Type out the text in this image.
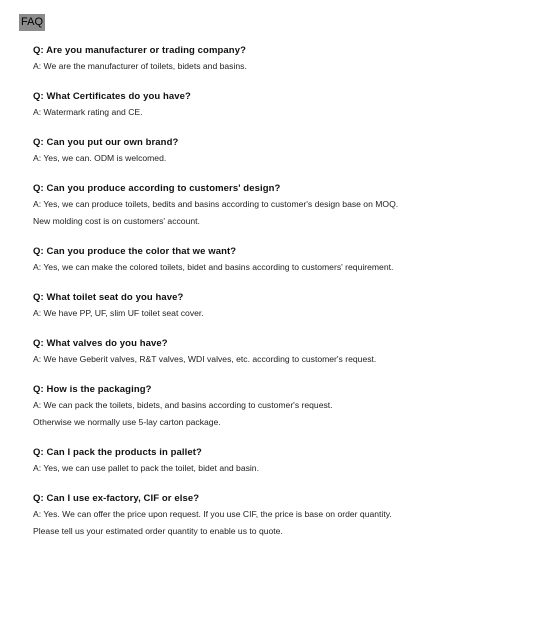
FAQ
Q: Are you manufacturer or trading company?
A: We are the manufacturer of toilets, bidets and basins.
Q: What Certificates do you have?
A: Watermark rating and CE.
Q: Can you put our own brand?
A: Yes, we can. ODM is welcomed.
Q: Can you produce according to customers' design?
A: Yes, we can produce toilets, bedits and basins according to customer's design base on MOQ.
New molding cost is on customers' account.
Q: Can you produce the color that we want?
A: Yes, we can make the colored toilets, bidet and basins according to customers' requirement.
Q: What toilet seat do you have?
A: We have PP, UF, slim UF toilet seat cover.
Q: What valves do you have?
A: We have Geberit valves, R&T valves, WDI valves, etc. according to customer's request.
Q: How is the packaging?
A: We can pack the toilets, bidets, and basins according to customer's request.
Otherwise we normally use 5-lay carton package.
Q: Can I pack the products in pallet?
A: Yes, we can use pallet to pack the toilet, bidet and basin.
Q: Can I use ex-factory, CIF or else?
A: Yes. We can offer the price upon request. If you use CIF, the price is base on order quantity.
Please tell us your estimated order quantity to enable us to quote.
